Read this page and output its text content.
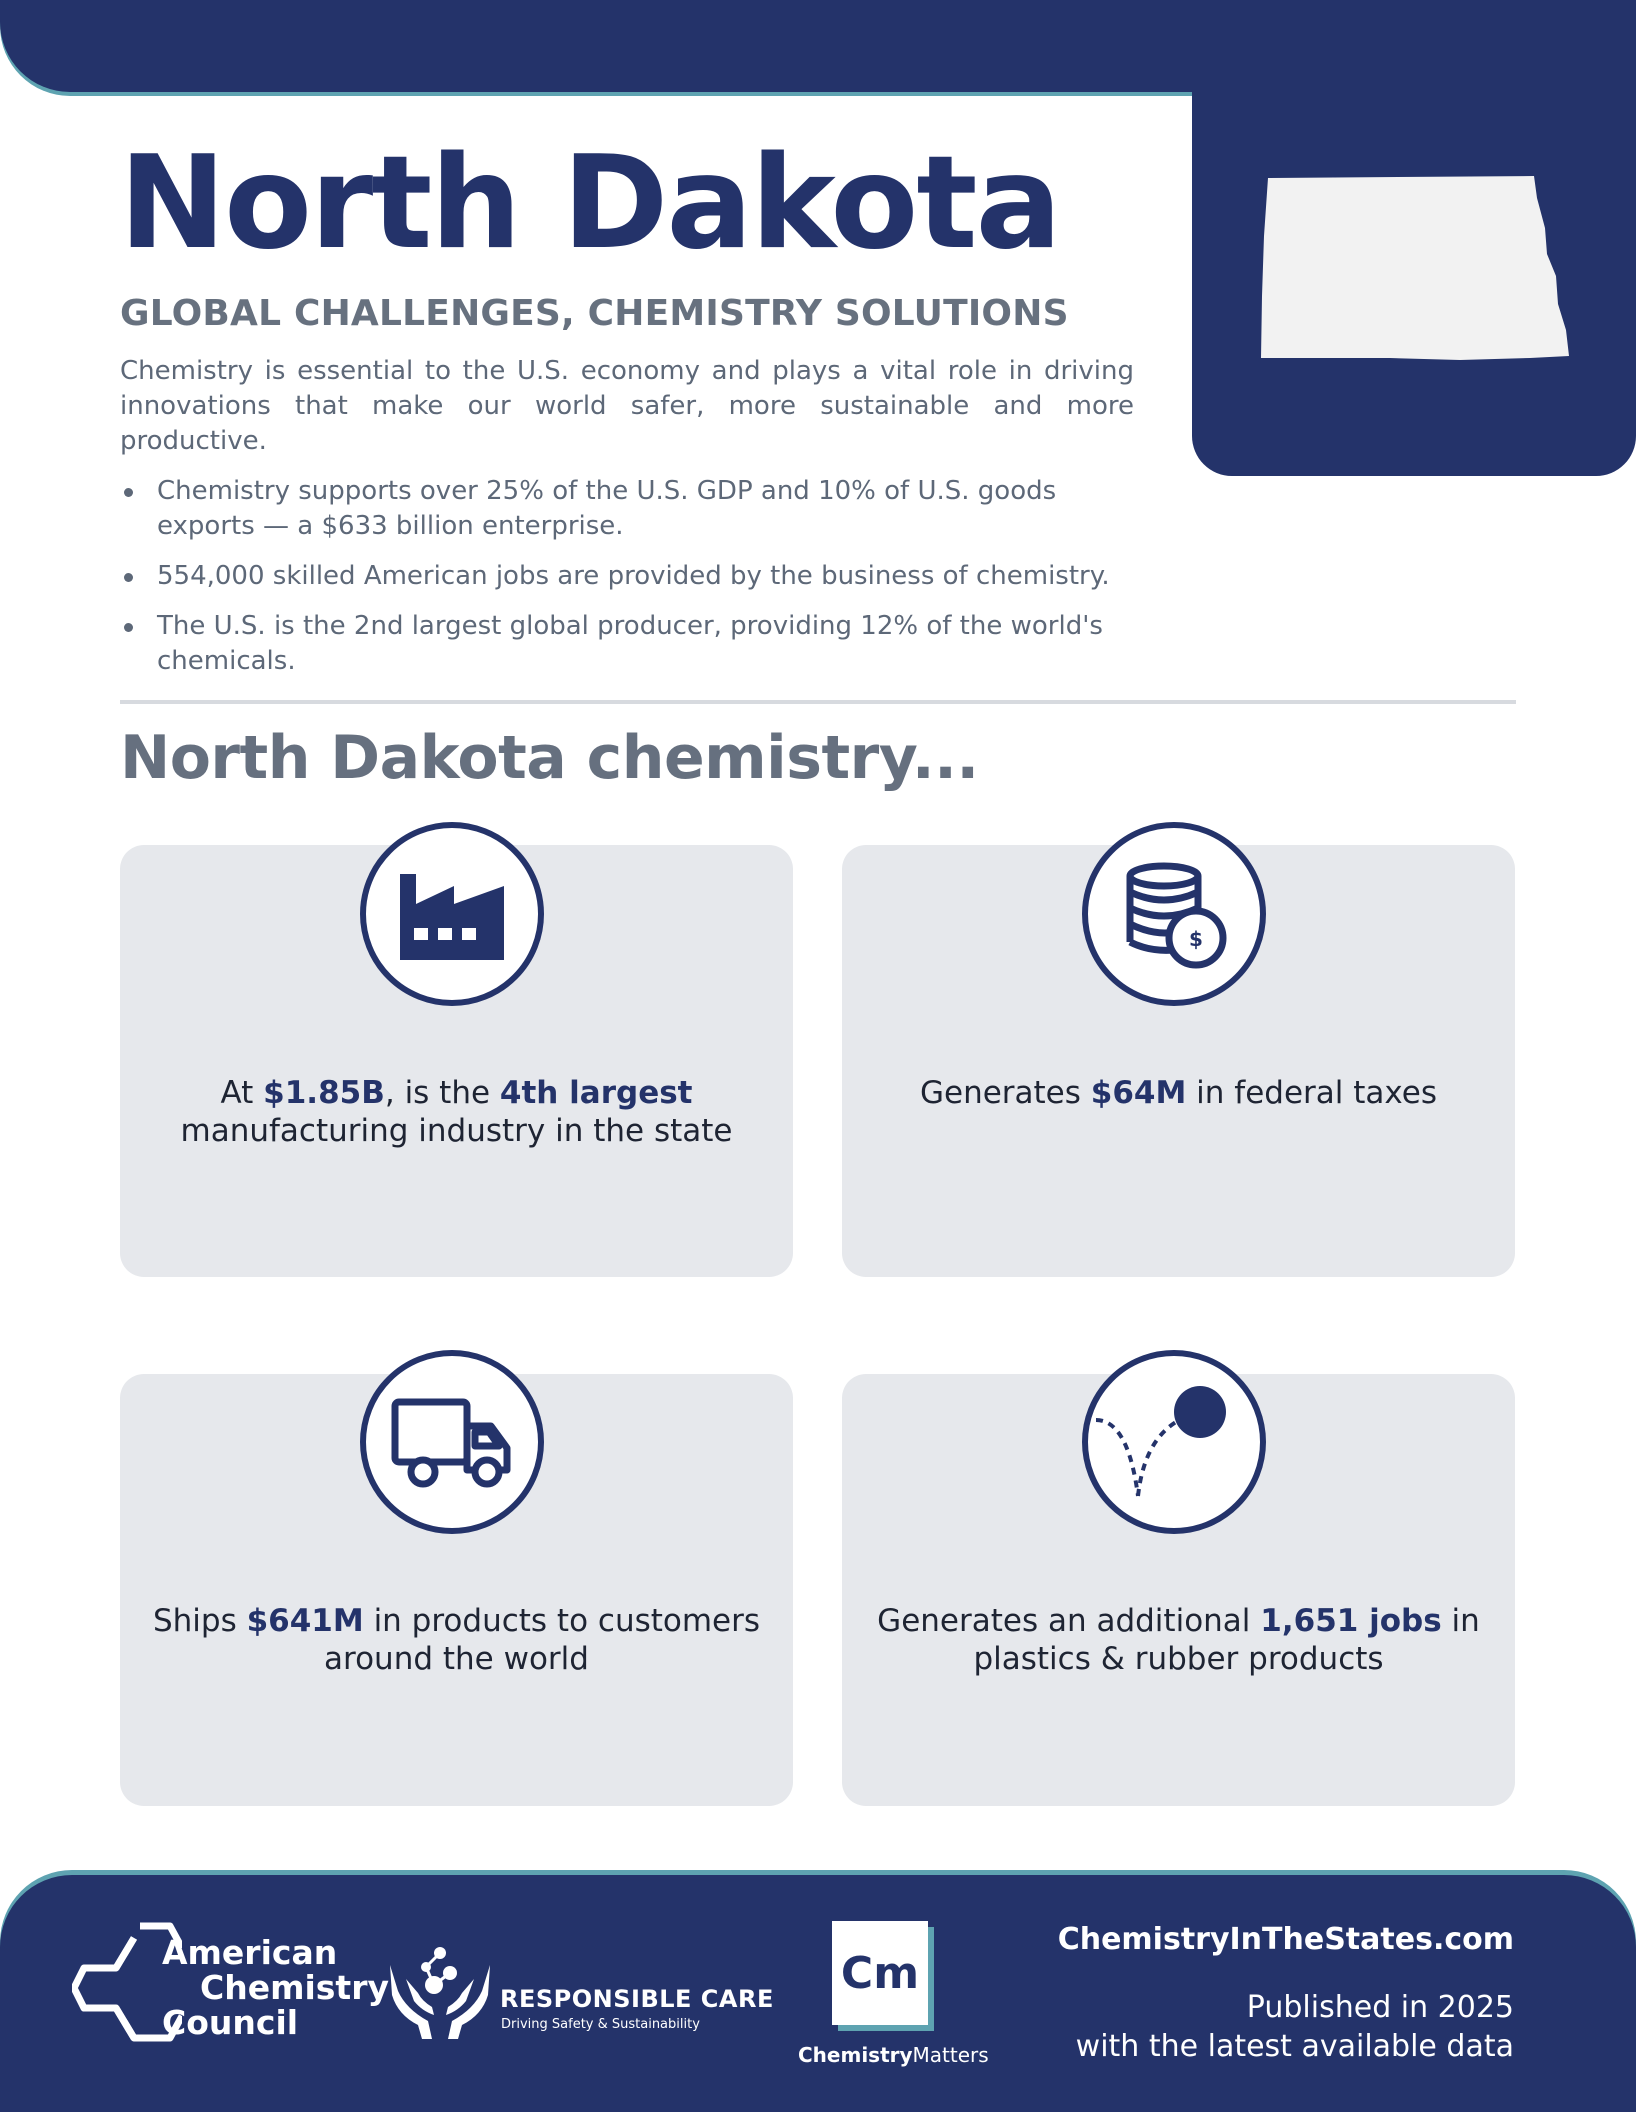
North Dakota
GLOBAL CHALLENGES, CHEMISTRY SOLUTIONS

Chemistry is essential to the U.S. economy and plays a vital role in driving innovations that make our world safer, more sustainable and more productive.

Chemistry supports over 25% of the U.S. GDP and 10% of U.S. goods exports — a $633 billion enterprise.
554,000 skilled American jobs are provided by the business of chemistry.
The U.S. is the 2nd largest global producer, providing 12% of the world's chemicals.
North Dakota chemistry...
At $1.85B, is the 4th largest manufacturing industry in the state
$
Generates $64M in federal taxes
Ships $641M in products to customers around the world
Generates an additional 1,651 jobs in plastics & rubber products
American
Chemistry
Council
RESPONSIBLE CARE
Driving Safety & Sustainability
Cm
ChemistryMatters
ChemistryInTheStates.com
Published in 2025
with the latest available data
